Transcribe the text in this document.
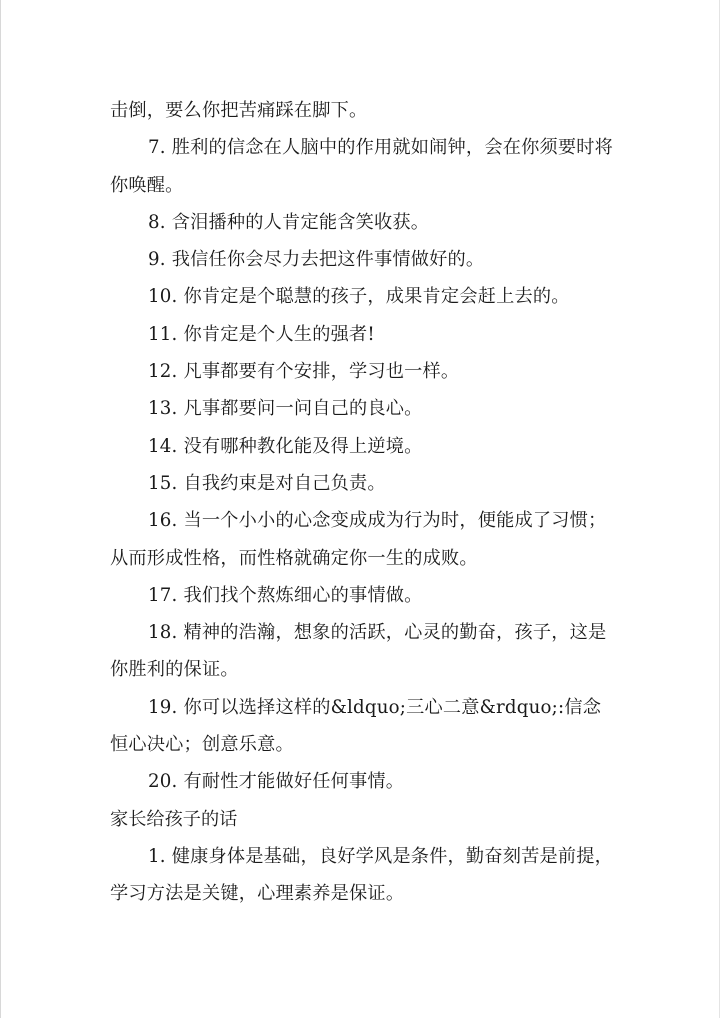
击倒，要么你把苦痛踩在脚下。

7. 胜利的信念在人脑中的作用就如闹钟，会在你须要时将你唤醒。

8. 含泪播种的人肯定能含笑收获。

9. 我信任你会尽力去把这件事情做好的。

10. 你肯定是个聪慧的孩子，成果肯定会赶上去的。

11. 你肯定是个人生的强者!

12. 凡事都要有个安排，学习也一样。

13. 凡事都要问一问自己的良心。

14. 没有哪种教化能及得上逆境。

15. 自我约束是对自己负责。

16. 当一个小小的心念变成成为行为时，便能成了习惯；从而形成性格，而性格就确定你一生的成败。

17. 我们找个熬炼细心的事情做。

18. 精神的浩瀚，想象的活跃，心灵的勤奋，孩子，这是你胜利的保证。

19. 你可以选择这样的&ldquo;三心二意&rdquo;:信念恒心决心；创意乐意。

20. 有耐性才能做好任何事情。

家长给孩子的话

1. 健康身体是基础，良好学风是条件，勤奋刻苦是前提，学习方法是关键，心理素养是保证。
